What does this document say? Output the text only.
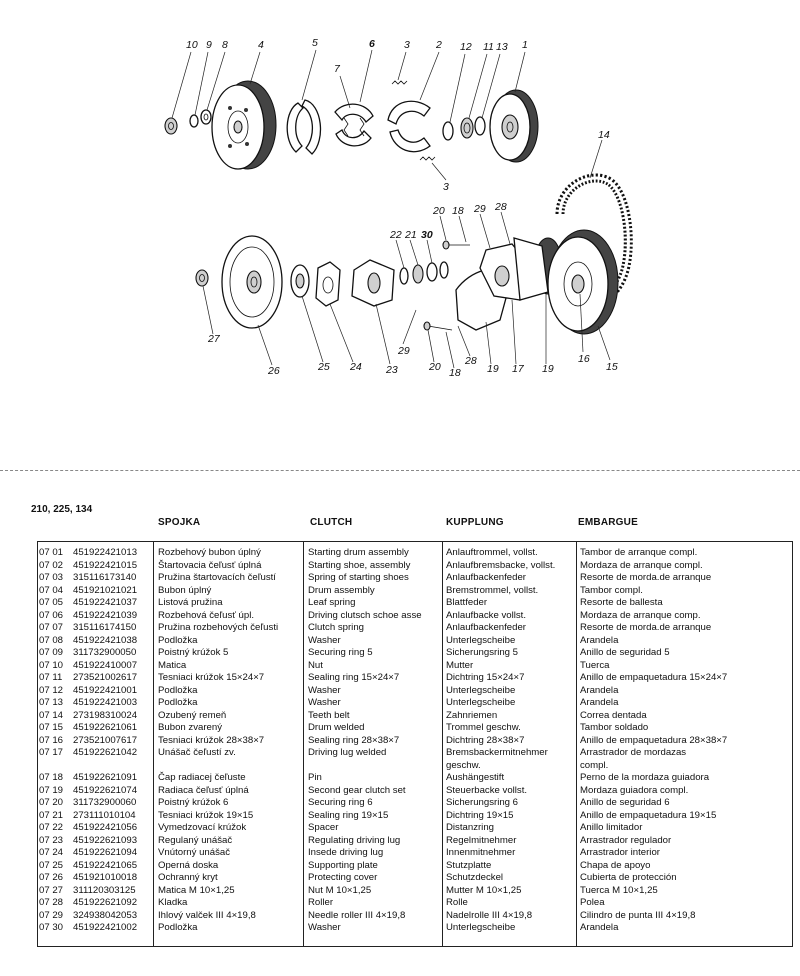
10 9 8	4	5	6
7
3 2 12 11 13 1
3
14
20 18 29 28
22 21 30
27
26	25 24 23
29
20 18
28
19 17 19
16
15
210, 225, 134
SPOJKA	CLUTCH	KUPPLUNG	EMBARGUE
07 01 451922421013 Rozbehový bubon úplný	Starting drum assembly	Anlauftrommel, vollst.	Tambor de arranque compl.
07 02 451922421015 Štartovacia čeľusť úplná	Starting shoe, assembly	Anlaufbremsbacke, vollst.	Mordaza de arranque compl.
07 03 315116173140 Pružina štartovacích čeľustí	Spring of starting shoes	Anlaufbackenfeder	Resorte de morda.de arranque
07 04 451921021021 Bubon úplný	Drum assembly	Bremstrommel, vollst.	Tambor compl.
07 05 451922421037 Listová pružina	Leaf spring	Blattfeder	Resorte de ballesta
07 06 451922421039 Rozbehová čeľusť úpl.	Driving clutsch schoe asse	Anlaufbacke vollst.	Mordaza de arranque comp.
07 07 315116174150 Pružina rozbehových čeľusti	Clutch spring	Anlaufbackenfeder	Resorte de morda.de arranque
07 08 451922421038 Podložka	Washer	Unterlegscheibe	Arandela
07 09 311732900050 Poistný krúžok 5	Securing ring 5	Sicherungsring 5	Anillo de seguridad 5
07 10 451922410007 Matica	Nut	Mutter	Tuerca
07 11 273521002617 Tesniaci krúžok 15×24×7	Sealing ring 15×24×7	Dichtring 15×24×7	Anillo de empaquetadura 15×24×7
07 12 451922421001 Podložka	Washer	Unterlegscheibe	Arandela
07 13 451922421003 Podložka	Washer	Unterlegscheibe	Arandela
07 14 273198310024 Ozubený remeň	Teeth belt	Zahnriemen	Correa dentada
07 15 451922621061 Bubon zvarený	Drum welded	Trommel geschw.	Tambor soldado
07 16 273521007617 Tesniaci krúžok 28×38×7	Sealing ring 28×38×7	Dichtring 28×38×7	Anillo de empaquetadura 28×38×7
07 17 451922621042 Unášač čeľustí zv.	Driving lug welded	Bremsbackermitnehmer	Arrastrador de mordazas
geschw.	compl.
07 18 451922621091 Čap radiacej čeľuste	Pin	Aushängestift	Perno de la mordaza guiadora
07 19 451922621074 Radiaca čeľusť úplná	Second gear clutch set	Steuerbacke vollst.	Mordaza guiadora compl.
07 20 311732900060 Poistný krúžok 6	Securing ring 6	Sicherungsring 6	Anillo de seguridad 6
07 21 273111010104 Tesniaci krúžok 19×15	Sealing ring 19×15	Dichtring 19×15	Anillo de empaquetadura 19×15
07 22 451922421056 Vymedzovací krúžok	Spacer	Distanzring	Anillo limitador
07 23 451922621093 Regulaný unášač	Regulating driving lug	Regelmitnehmer	Arrastrador regulador
07 24 451922621094 Vnútorný unášač	Insede driving lug	Innenmitnehmer	Arrastrador interior
07 25 451922421065 Operná doska	Supporting plate	Stutzplatte	Chapa de apoyo
07 26 451921010018 Ochranný kryt	Protecting cover	Schutzdeckel	Cubierta de protección
07 27 311120303125 Matica M 10×1,25	Nut M 10×1,25	Mutter M 10×1,25	Tuerca M 10×1,25
07 28 451922621092 Kladka	Roller	Rolle	Polea
07 29 324938042053 Ihlový valček III 4×19,8	Needle roller III 4×19,8	Nadelrolle III 4×19,8	Cilindro de punta III 4×19,8
07 30 451922421002 Podložka	Washer	Unterlegscheibe	Arandela
